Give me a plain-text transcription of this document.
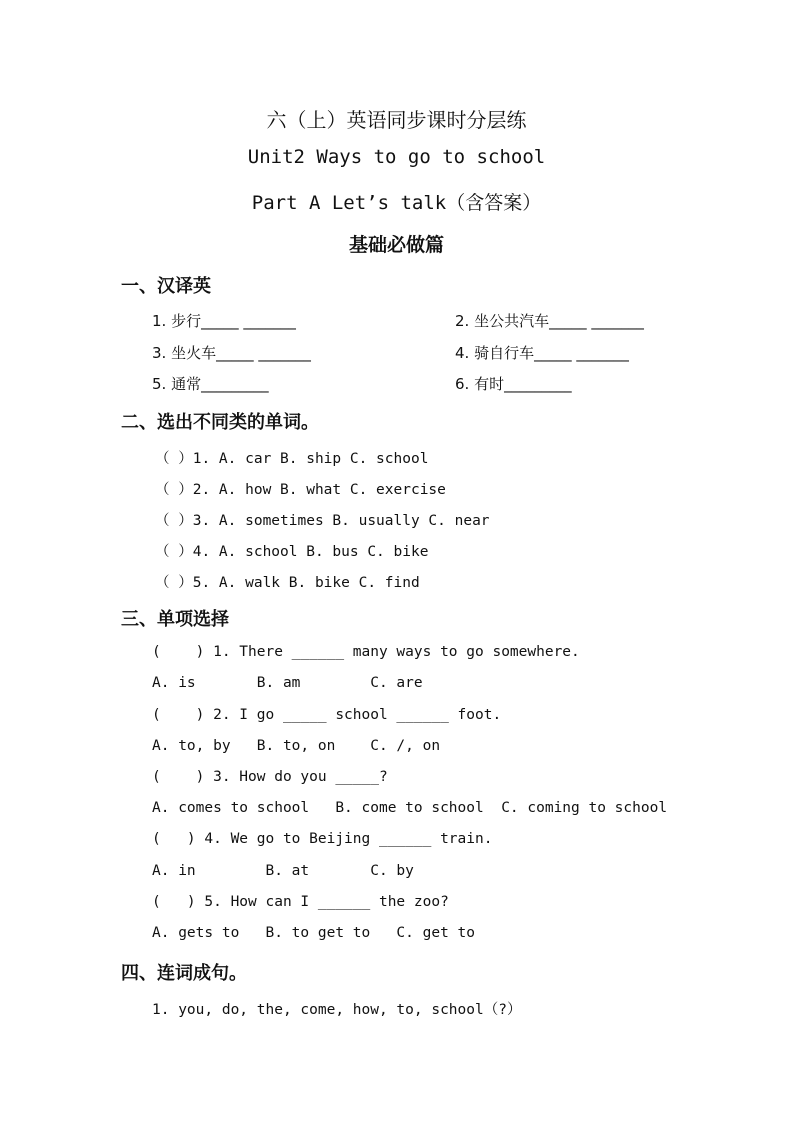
六（上）英语同步课时分层练
Unit2 Ways to go to school
Part A Let’s talk（含答案）
基础必做篇
一、汉译英
1. 步行_____ _______	2. 坐公共汽车_____ _______
3. 坐火车_____ _______	4. 骑自行车_____ _______
5. 通常_________	6. 有时_________
二、选出不同类的单词。
（ ）1. A. car B. ship C. school
（ ）2. A. how B. what C. exercise
（ ）3. A. sometimes B. usually C. near
（ ）4. A. school B. bus C. bike
（ ）5. A. walk B. bike C. find
三、单项选择
(    ) 1. There ______ many ways to go somewhere.
A. is       B. am        C. are
(    ) 2. I go _____ school ______ foot.
A. to, by   B. to, on    C. /, on
(    ) 3. How do you _____?
A. comes to school   B. come to school  C. coming to school
(   ) 4. We go to Beijing ______ train.
A. in        B. at       C. by
(   ) 5. How can I ______ the zoo?
A. gets to   B. to get to   C. get to
四、连词成句。
1. you, do, the, come, how, to, school（?）
